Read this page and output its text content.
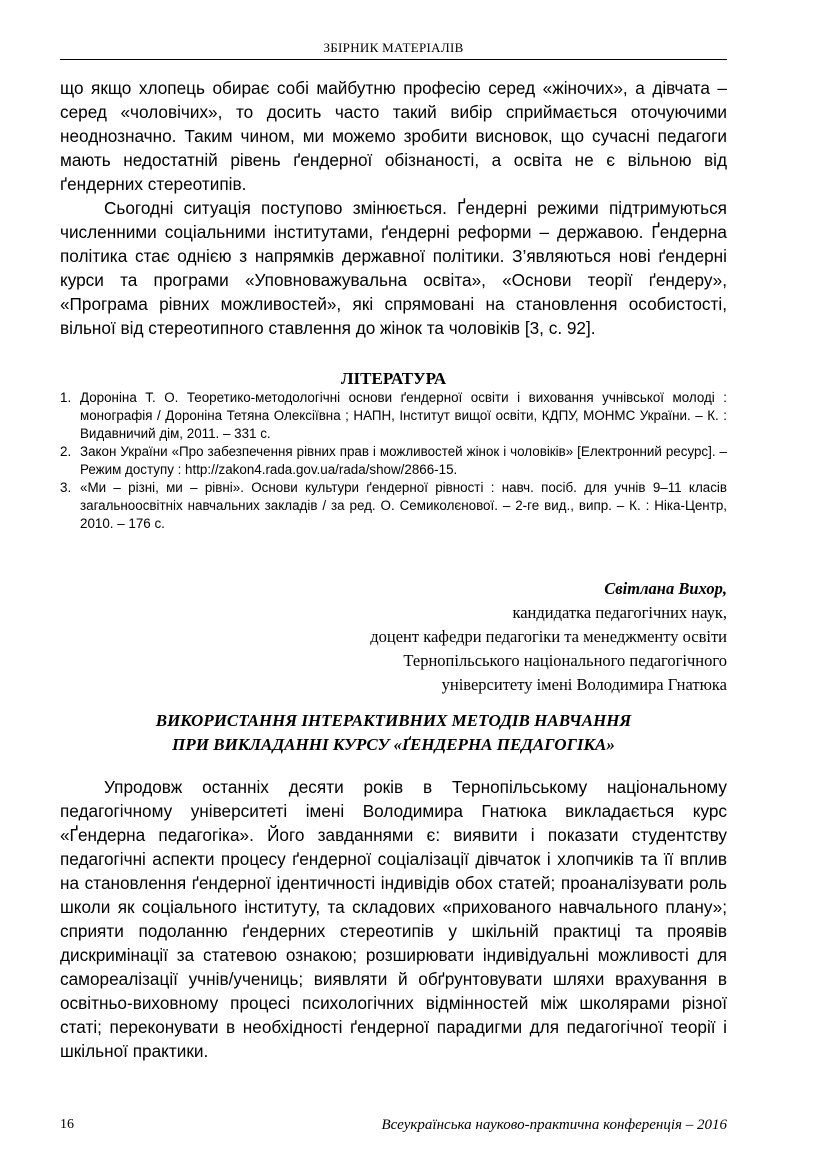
ЗБІРНИК МАТЕРІАЛІВ

що якщо хлопець обирає собі майбутню професію серед «жіночих», а дівчата – серед «чоловічих», то досить часто такий вибір сприймається оточуючими неоднозначно. Таким чином, ми можемо зробити висновок, що сучасні педагоги мають недостатній рівень ґендерної обізнаності, а освіта не є вільною від ґендерних стереотипів.

Сьогодні ситуація поступово змінюється. Ґендерні режими підтримуються численними соціальними інститутами, ґендерні реформи – державою. Ґендерна політика стає однією з напрямків державної політики. З’являються нові ґендерні курси та програми «Уповноважувальна освіта», «Основи теорії ґендеру», «Програма рівних можливостей», які спрямовані на становлення особистості, вільної від стереотипного ставлення до жінок та чоловіків [3, с. 92].

ЛІТЕРАТУРА
1. Дороніна Т. О. Теоретико-методологічні основи ґендерної освіти і виховання учнівської молоді : монографія / Дороніна Тетяна Олексіївна ; НАПН, Інститут вищої освіти, КДПУ, МОНМС України. – К. : Видавничий дім, 2011. – 331 с.
2. Закон України «Про забезпечення рівних прав і можливостей жінок і чоловіків» [Електронний ресурс]. – Режим доступу : http://zakon4.rada.gov.ua/rada/show/2866-15.
3. «Ми – різні, ми – рівні». Основи культури ґендерної рівності : навч. посіб. для учнів 9–11 класів загальноосвітніх навчальних закладів / за ред. О. Семиколєнової. – 2-ге вид., випр. – К. : Ніка-Центр, 2010. – 176 с.
Світлана Вихор,
кандидатка педагогічних наук,
доцент кафедри педагогіки та менеджменту освіти
Тернопільського національного педагогічного
університету імені Володимира Гнатюка
ВИКОРИСТАННЯ ІНТЕРАКТИВНИХ МЕТОДІВ НАВЧАННЯ
ПРИ ВИКЛАДАННІ КУРСУ «ҐЕНДЕРНА ПЕДАГОГІКА»

Упродовж останніх десяти років в Тернопільському національному педагогічному університеті імені Володимира Гнатюка викладається курс «Ґендерна педагогіка». Його завданнями є: виявити і показати студентству педагогічні аспекти процесу ґендерної соціалізації дівчаток і хлопчиків та її вплив на становлення ґендерної ідентичності індивідів обох статей; проаналізувати роль школи як соціального інституту, та складових «прихованого навчального плану»; сприяти подоланню ґендерних стереотипів у шкільній практиці та проявів дискримінації за статевою ознакою; розширювати індивідуальні можливості для самореалізації учнів/учениць; виявляти й обґрунтовувати шляхи врахування в освітньо-виховному процесі психологічних відмінностей між школярами різної статі; переконувати в необхідності ґендерної парадигми для педагогічної теорії і шкільної практики.

16	Всеукраїнська науково-практична конференція – 2016
